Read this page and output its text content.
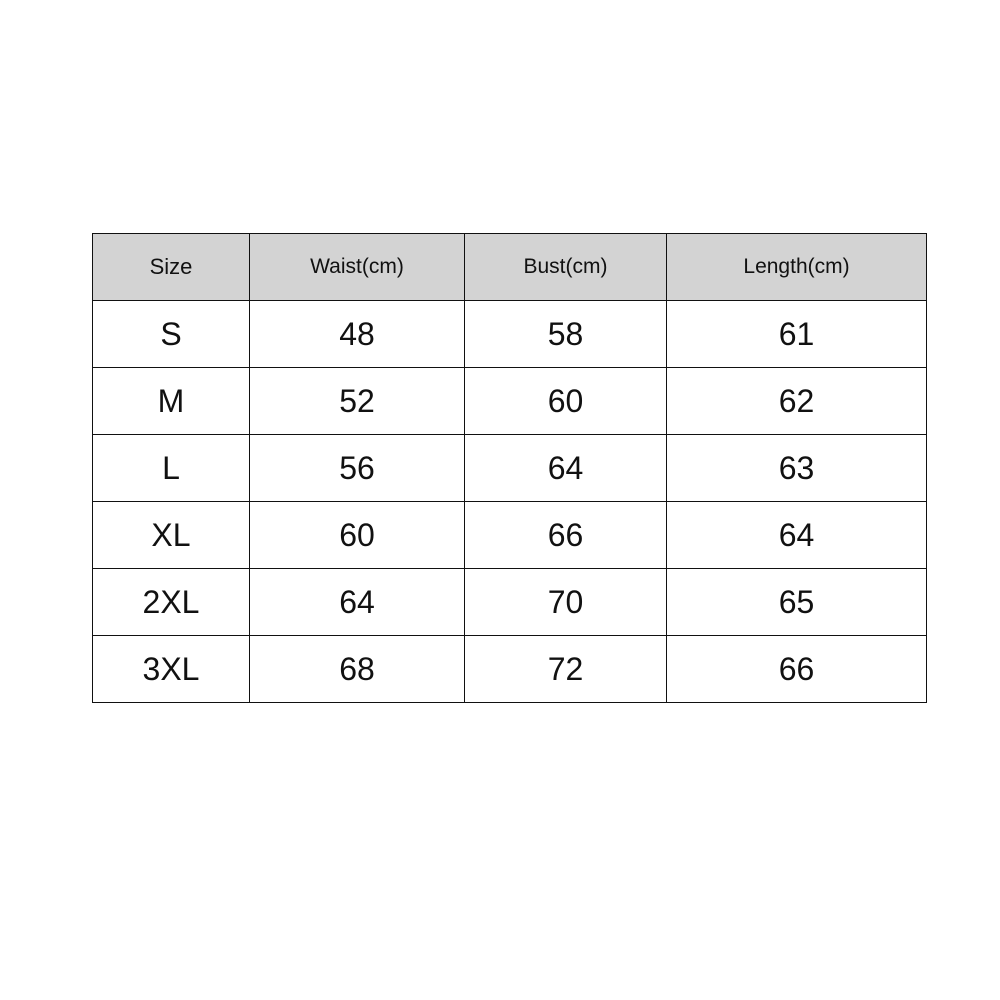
Size	Waist(cm)	Bust(cm)	Length(cm)
S	48	58	61
M	52	60	62
L	56	64	63
XL	60	66	64
2XL	64	70	65
3XL	68	72	66
